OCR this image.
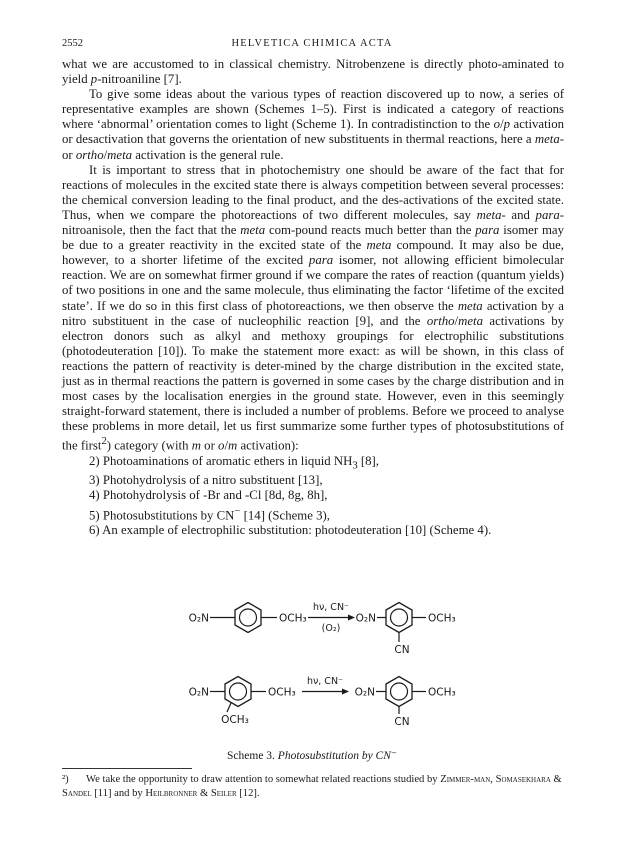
2552	HELVETICA CHIMICA ACTA

what we are accustomed to in classical chemistry. Nitrobenzene is directly photo-aminated to yield p-nitroaniline [7].

To give some ideas about the various types of reaction discovered up to now, a series of representative examples are shown (Schemes 1–5). First is indicated a category of reactions where ‘abnormal’ orientation comes to light (Scheme 1). In contradistinction to the o/p activation or desactivation that governs the orientation of new substituents in thermal reactions, here a meta- or ortho/meta activation is the general rule.

It is important to stress that in photochemistry one should be aware of the fact that for reactions of molecules in the excited state there is always competition between several processes: the chemical conversion leading to the final product, and the des-activations of the excited state. Thus, when we compare the photoreactions of two different molecules, say meta- and para-nitroanisole, then the fact that the meta com-pound reacts much better than the para isomer may be due to a greater reactivity in the excited state of the meta compound. It may also be due, however, to a shorter lifetime of the excited para isomer, not allowing efficient bimolecular reaction. We are on somewhat firmer ground if we compare the rates of reaction (quantum yields) of two positions in one and the same molecule, thus eliminating the factor ‘lifetime of the excited state’. If we do so in this first class of photoreactions, we then observe the meta activation by a nitro substituent in the case of nucleophilic reaction [9], and the ortho/meta activations by electron donors such as alkyl and methoxy groupings for electrophilic substitutions (photodeuteration [10]). To make the statement more exact: as will be shown, in this class of reactions the pattern of reactivity is deter-mined by the charge distribution in the excited state, just as in thermal reactions the pattern is governed in some cases by the charge distribution and in most cases by the localisation energies in the ground state. However, even in this seemingly straight-forward statement, there is included a number of problems. Before we proceed to analyse these problems in more detail, let us first summarize some further types of photosubstitutions of the first$^2$) category (with m or o/m activation):

2) Photoaminations of aromatic ethers in liquid $NH_3$ [8],
3) Photohydrolysis of a nitro substituent [13],
4) Photohydrolysis of -Br and -Cl [8d, 8g, 8h],
5) Photosubstitutions by CN− [14] (Scheme 3),
6) An example of electrophilic substitution: photodeuteration [10] (Scheme 4).
O₂N	OCH₃
hν, CN⁻
(O₂)
O₂N	OCH₃
CN
O₂N	OCH₃
OCH₃
hν, CN⁻
O₂N	OCH₃
CN
Scheme 3. Photosubstitution by CN⁻
²) We take the opportunity to draw attention to somewhat related reactions studied by Zimmer-man, Somasekhara & Sandel [11] and by Heilbronner & Seiler [12].
